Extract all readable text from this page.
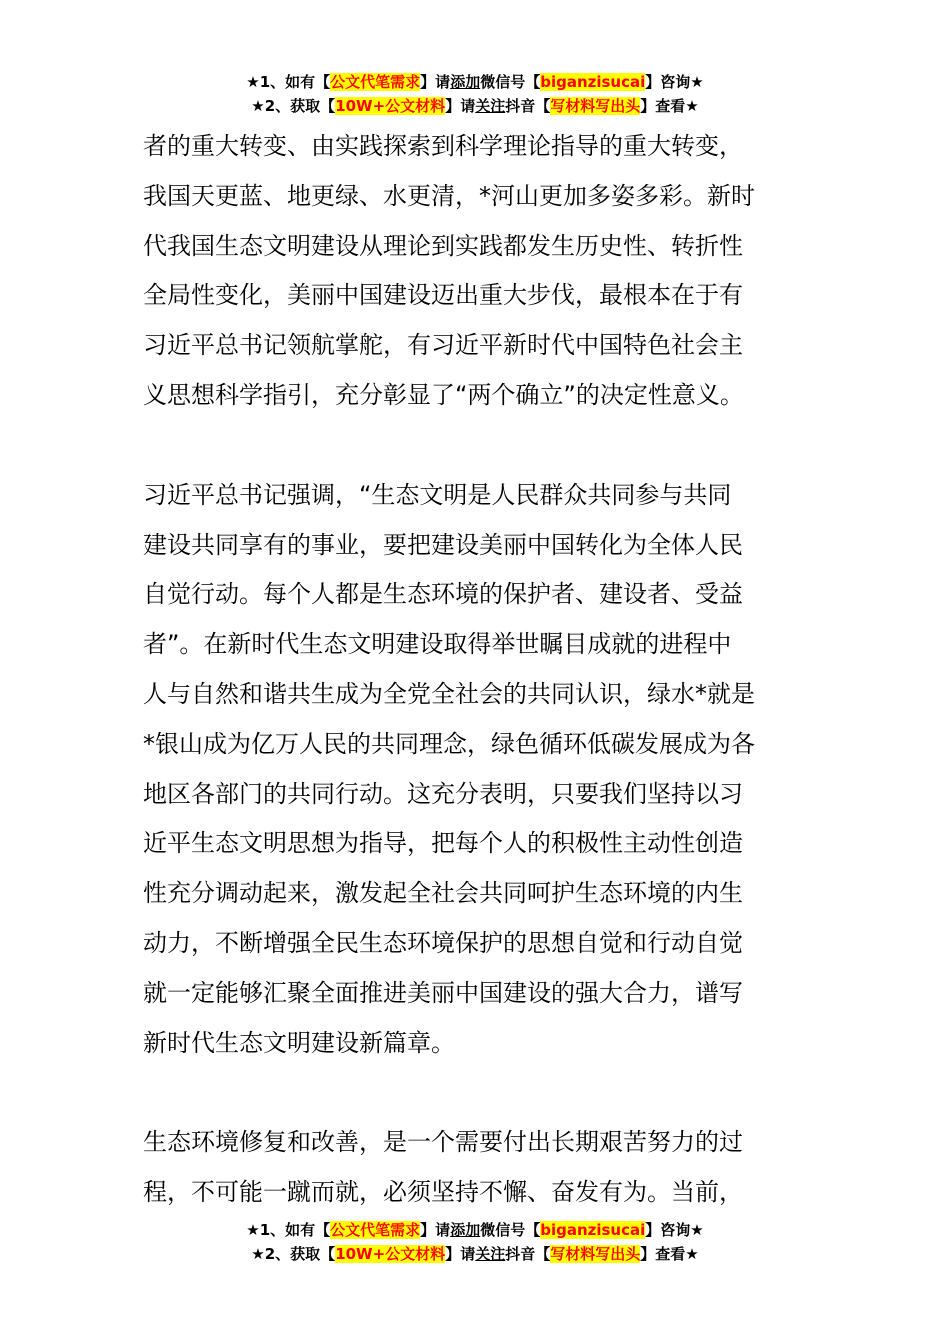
★1、如有【公文代笔需求】请添加微信号【biganzisucai】咨询★
★2、获取【10W+公文材料】请关注抖音【写材料写出头】查看★

者的重大转变、由实践探索到科学理论指导的重大转变，
我国天更蓝、地更绿、水更清，*河山更加多姿多彩。新时
代我国生态文明建设从理论到实践都发生历史性、转折性
全局性变化，美丽中国建设迈出重大步伐，最根本在于有
习近平总书记领航掌舵，有习近平新时代中国特色社会主
义思想科学指引，充分彰显了“两个确立”的决定性意义。

习近平总书记强调，“生态文明是人民群众共同参与共同
建设共同享有的事业，要把建设美丽中国转化为全体人民
自觉行动。每个人都是生态环境的保护者、建设者、受益
者”。在新时代生态文明建设取得举世瞩目成就的进程中
人与自然和谐共生成为全党全社会的共同认识，绿水*就是
*银山成为亿万人民的共同理念，绿色循环低碳发展成为各
地区各部门的共同行动。这充分表明，只要我们坚持以习
近平生态文明思想为指导，把每个人的积极性主动性创造
性充分调动起来，激发起全社会共同呵护生态环境的内生
动力，不断增强全民生态环境保护的思想自觉和行动自觉
就一定能够汇聚全面推进美丽中国建设的强大合力，谱写
新时代生态文明建设新篇章。

生态环境修复和改善，是一个需要付出长期艰苦努力的过
程，不可能一蹴而就，必须坚持不懈、奋发有为。当前，

★1、如有【公文代笔需求】请添加微信号【biganzisucai】咨询★
★2、获取【10W+公文材料】请关注抖音【写材料写出头】查看★
